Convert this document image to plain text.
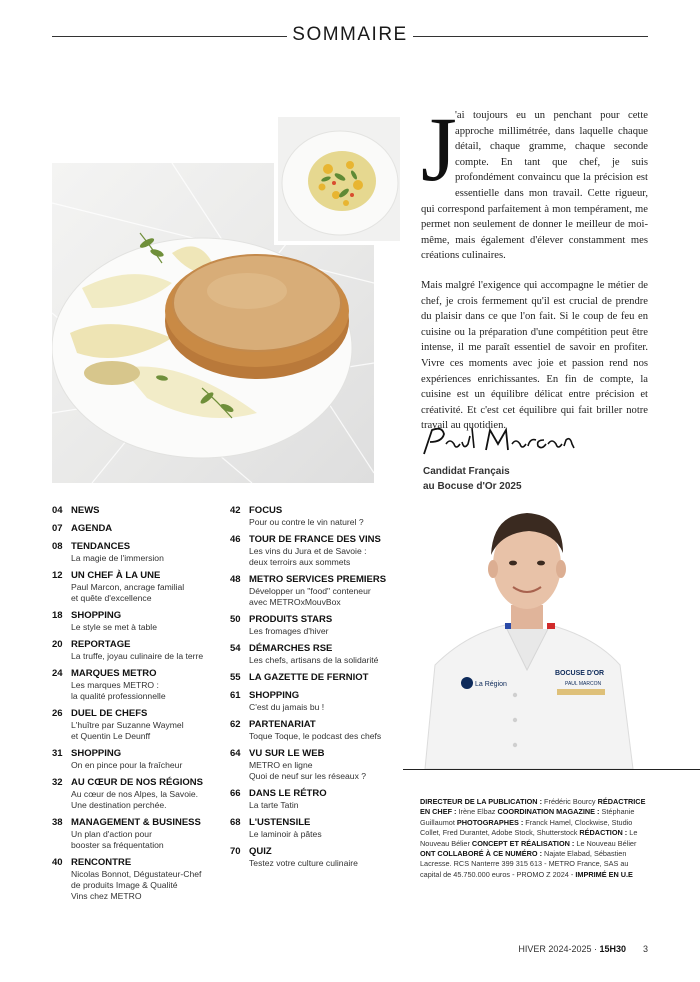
SOMMAIRE
J

'ai toujours eu un penchant pour cette approche millimétrée, dans laquelle chaque détail, chaque gramme, chaque seconde compte. En tant que chef, je suis profondément convaincu que la précision est essentielle dans mon travail. Cette rigueur, qui correspond parfaitement à mon tempérament, me permet non seulement de donner le meilleur de moi-même, mais également d'élever constamment mes créations culinaires.

Mais malgré l'exigence qui accompagne le métier de chef, je crois fermement qu'il est crucial de prendre du plaisir dans ce que l'on fait. Si le coup de feu en cuisine ou la préparation d'une compétition peut être intense, il me paraît essentiel de savoir en profiter. Vivre ces moments avec joie et passion rend nos expériences enrichissantes. En fin de compte, la cuisine est un équilibre délicat entre précision et créativité. Et c'est cet équilibre qui fait briller notre travail au quotidien.

Candidat Français
au Bocuse d'Or 2025
La Région
BOCUSE D'OR
PAUL MARCON
04 NEWS
07 AGENDA
08 TENDANCES
La magie de l'immersion
12 UN CHEF À LA UNE
Paul Marcon, ancrage familial
et quête d'excellence
18 SHOPPING
Le style se met à table
20 REPORTAGE
La truffe, joyau culinaire de la terre
24 MARQUES METRO
Les marques METRO :
la qualité professionnelle
26 DUEL DE CHEFS
L'huître par Suzanne Waymel
et Quentin Le Deunff
31 SHOPPING
On en pince pour la fraîcheur
32 AU CŒUR DE NOS RÉGIONS
Au cœur de nos Alpes, la Savoie.
Une destination perchée.
38 MANAGEMENT & BUSINESS
Un plan d'action pour
booster sa fréquentation
40 RENCONTRE
Nicolas Bonnot, Dégustateur-Chef
de produits Image & Qualité
Vins chez METRO
42 FOCUS
Pour ou contre le vin naturel ?
46 TOUR DE FRANCE DES VINS
Les vins du Jura et de Savoie :
deux terroirs aux sommets
48 METRO SERVICES PREMIERS
Développer un "food" conteneur
avec METROxMouvBox
50 PRODUITS STARS
Les fromages d'hiver
54 DÉMARCHES RSE
Les chefs, artisans de la solidarité
55 LA GAZETTE DE FERNIOT
61 SHOPPING
C'est du jamais bu !
62 PARTENARIAT
Toque Toque, le podcast des chefs
64 VU SUR LE WEB
METRO en ligne
Quoi de neuf sur les réseaux ?
66 DANS LE RÉTRO
La tarte Tatin
68 L'USTENSILE
Le laminoir à pâtes
70 QUIZ
Testez votre culture culinaire
DIRECTEUR DE LA PUBLICATION : Frédéric Bourcy RÉDACTRICE EN CHEF : Irène Elbaz COORDINATION MAGAZINE : Stéphanie Guillaumot PHOTOGRAPHES : Franck Hamel, Clockwise, Studio Collet, Fred Durantet, Adobe Stock, Shutterstock RÉDACTION : Le Nouveau Bélier CONCEPT ET RÉALISATION : Le Nouveau Bélier ONT COLLABORÉ À CE NUMÉRO : Najate Elabad, Sébastien Lacresse. RCS Nanterre 399 315 613 - METRO France, SAS au capital de 45.750.000 euros - PROMO Z 2024 - IMPRIMÉ EN U.E
HIVER 2024-2025 · 15H30 3
